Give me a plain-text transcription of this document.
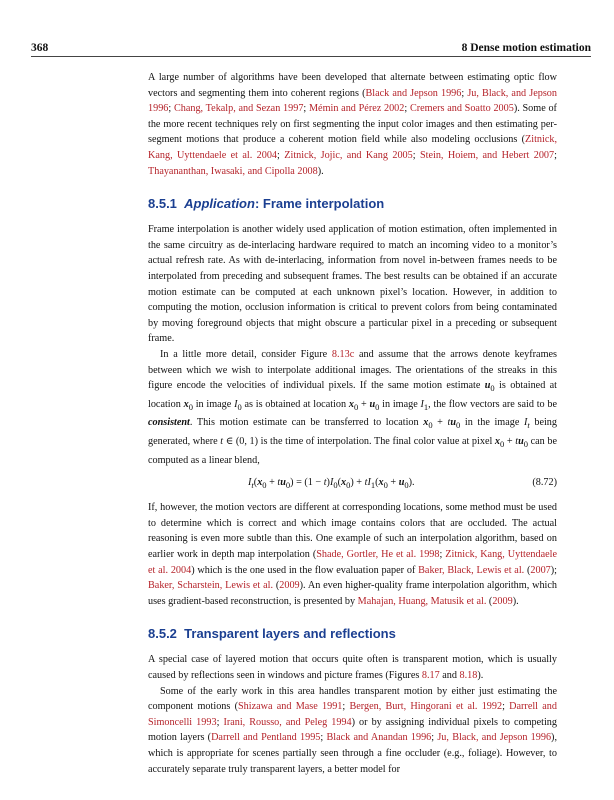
368	8 Dense motion estimation

A large number of algorithms have been developed that alternate between estimating optic flow vectors and segmenting them into coherent regions (Black and Jepson 1996; Ju, Black, and Jepson 1996; Chang, Tekalp, and Sezan 1997; Mémin and Pérez 2002; Cremers and Soatto 2005). Some of the more recent techniques rely on first segmenting the input color images and then estimating per-segment motions that produce a coherent motion field while also modeling occlusions (Zitnick, Kang, Uyttendaele et al. 2004; Zitnick, Jojic, and Kang 2005; Stein, Hoiem, and Hebert 2007; Thayananthan, Iwasaki, and Cipolla 2008).

8.5.1 Application: Frame interpolation

Frame interpolation is another widely used application of motion estimation, often implemented in the same circuitry as de-interlacing hardware required to match an incoming video to a monitor’s actual refresh rate. As with de-interlacing, information from novel in-between frames needs to be interpolated from preceding and subsequent frames. The best results can be obtained if an accurate motion estimate can be computed at each unknown pixel’s location. However, in addition to computing the motion, occlusion information is critical to prevent colors from being contaminated by moving foreground objects that might obscure a particular pixel in a preceding or subsequent frame.

In a little more detail, consider Figure 8.13c and assume that the arrows denote keyframes between which we wish to interpolate additional images. The orientations of the streaks in this figure encode the velocities of individual pixels. If the same motion estimate $u_0$ is obtained at location $x_0$ in image $I_0$ as is obtained at location $x_0 + u_0$ in image $I_1$, the flow vectors are said to be consistent. This motion estimate can be transferred to location $x_0 + tu_0$ in the image $I_t$ being generated, where t ∈ (0, 1) is the time of interpolation. The final color value at pixel $x_0 + tu_0$ can be computed as a linear blend,

$I_t(x_0 + tu_0) = (1 - t)I_0(x_0) + tI_1(x_0 + u_0)$.	(8.72)

If, however, the motion vectors are different at corresponding locations, some method must be used to determine which is correct and which image contains colors that are occluded. The actual reasoning is even more subtle than this. One example of such an interpolation algorithm, based on earlier work in depth map interpolation (Shade, Gortler, He et al. 1998; Zitnick, Kang, Uyttendaele et al. 2004) which is the one used in the flow evaluation paper of Baker, Black, Lewis et al. (2007); Baker, Scharstein, Lewis et al. (2009). An even higher-quality frame interpolation algorithm, which uses gradient-based reconstruction, is presented by Mahajan, Huang, Matusik et al. (2009).

8.5.2 Transparent layers and reflections

A special case of layered motion that occurs quite often is transparent motion, which is usually caused by reflections seen in windows and picture frames (Figures 8.17 and 8.18).

Some of the early work in this area handles transparent motion by either just estimating the component motions (Shizawa and Mase 1991; Bergen, Burt, Hingorani et al. 1992; Darrell and Simoncelli 1993; Irani, Rousso, and Peleg 1994) or by assigning individual pixels to competing motion layers (Darrell and Pentland 1995; Black and Anandan 1996; Ju, Black, and Jepson 1996), which is appropriate for scenes partially seen through a fine occluder (e.g., foliage). However, to accurately separate truly transparent layers, a better model for
